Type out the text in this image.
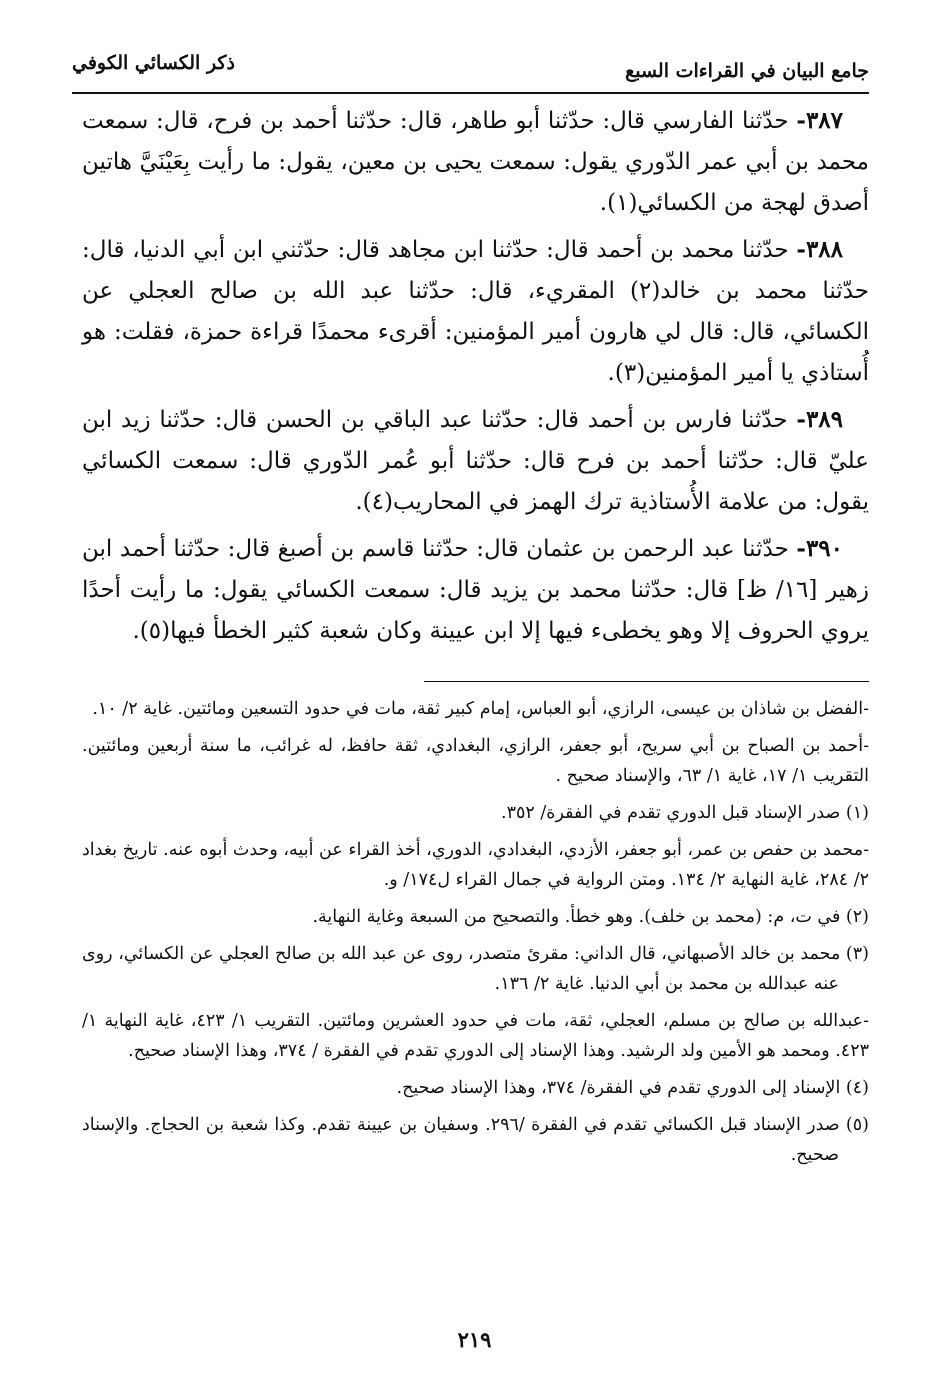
جامع البيان في القراءات السبع
ذكر الكسائي الكوفي

٣٨٧- حدّثنا الفارسي قال: حدّثنا أبو طاهر، قال: حدّثنا أحمد بن فرح، قال: سمعت محمد بن أبي عمر الدّوري يقول: سمعت يحيى بن معين، يقول: ما رأيت بِعَيْنَيَّ هاتين أصدق لهجة من الكسائي(١).

٣٨٨- حدّثنا محمد بن أحمد قال: حدّثنا ابن مجاهد قال: حدّثني ابن أبي الدنيا، قال: حدّثنا محمد بن خالد(٢) المقريء، قال: حدّثنا عبد الله بن صالح العجلي عن الكسائي، قال: قال لي هارون أمير المؤمنين: أقرىء محمدًا قراءة حمزة، فقلت: هو أُستاذي يا أمير المؤمنين(٣).

٣٨٩- حدّثنا فارس بن أحمد قال: حدّثنا عبد الباقي بن الحسن قال: حدّثنا زيد ابن عليّ قال: حدّثنا أحمد بن فرح قال: حدّثنا أبو عُمر الدّوري قال: سمعت الكسائي يقول: من علامة الأُستاذية ترك الهمز في المحاريب(٤).

٣٩٠- حدّثنا عبد الرحمن بن عثمان قال: حدّثنا قاسم بن أصبغ قال: حدّثنا أحمد ابن زهير [١٦/ ظ] قال: حدّثنا محمد بن يزيد قال: سمعت الكسائي يقول: ما رأيت أحدًا يروي الحروف إلا وهو يخطىء فيها إلا ابن عيينة وكان شعبة كثير الخطأ فيها(٥).

-الفضل بن شاذان بن عيسى، الرازي، أبو العباس، إمام كبير ثقة، مات في حدود التسعين ومائتين. غاية ٢/ ١٠.
-أحمد بن الصباح بن أبي سريح، أبو جعفر، الرازي، البغدادي، ثقة حافظ، له غرائب، ما سنة أربعين ومائتين. التقريب ١/ ١٧، غاية ١/ ٦٣، والإسناد صحيح .
(١) صدر الإسناد قبل الدوري تقدم في الفقرة/ ٣٥٢.
-محمد بن حفص بن عمر، أبو جعفر، الأزدي، البغدادي، الدوري، أخذ القراء عن أبيه، وحدث أبوه عنه. تاريخ بغداد ٢/ ٢٨٤، غاية النهاية ٢/ ١٣٤. ومتن الرواية في جمال القراء ل١٧٤/ و.
(٢) في ت، م: (محمد بن خلف). وهو خطأ. والتصحيح من السبعة وغاية النهاية.
(٣) محمد بن خالد الأصبهاني، قال الداني: مقرئ متصدر، روى عن عبد الله بن صالح العجلي عن الكسائي، روى عنه عبدالله بن محمد بن أبي الدنيا. غاية ٢/ ١٣٦.
-عبدالله بن صالح بن مسلم، العجلي، ثقة، مات في حدود العشرين ومائتين. التقريب ١/ ٤٢٣، غاية النهاية ١/ ٤٢٣. ومحمد هو الأمين ولد الرشيد. وهذا الإسناد إلى الدوري تقدم في الفقرة / ٣٧٤، وهذا الإسناد صحيح.
(٤) الإسناد إلى الدوري تقدم في الفقرة/ ٣٧٤، وهذا الإسناد صحيح.
(٥) صدر الإسناد قبل الكسائي تقدم في الفقرة /٢٩٦. وسفيان بن عيينة تقدم. وكذا شعبة بن الحجاج. والإسناد صحيح.
٢١٩
